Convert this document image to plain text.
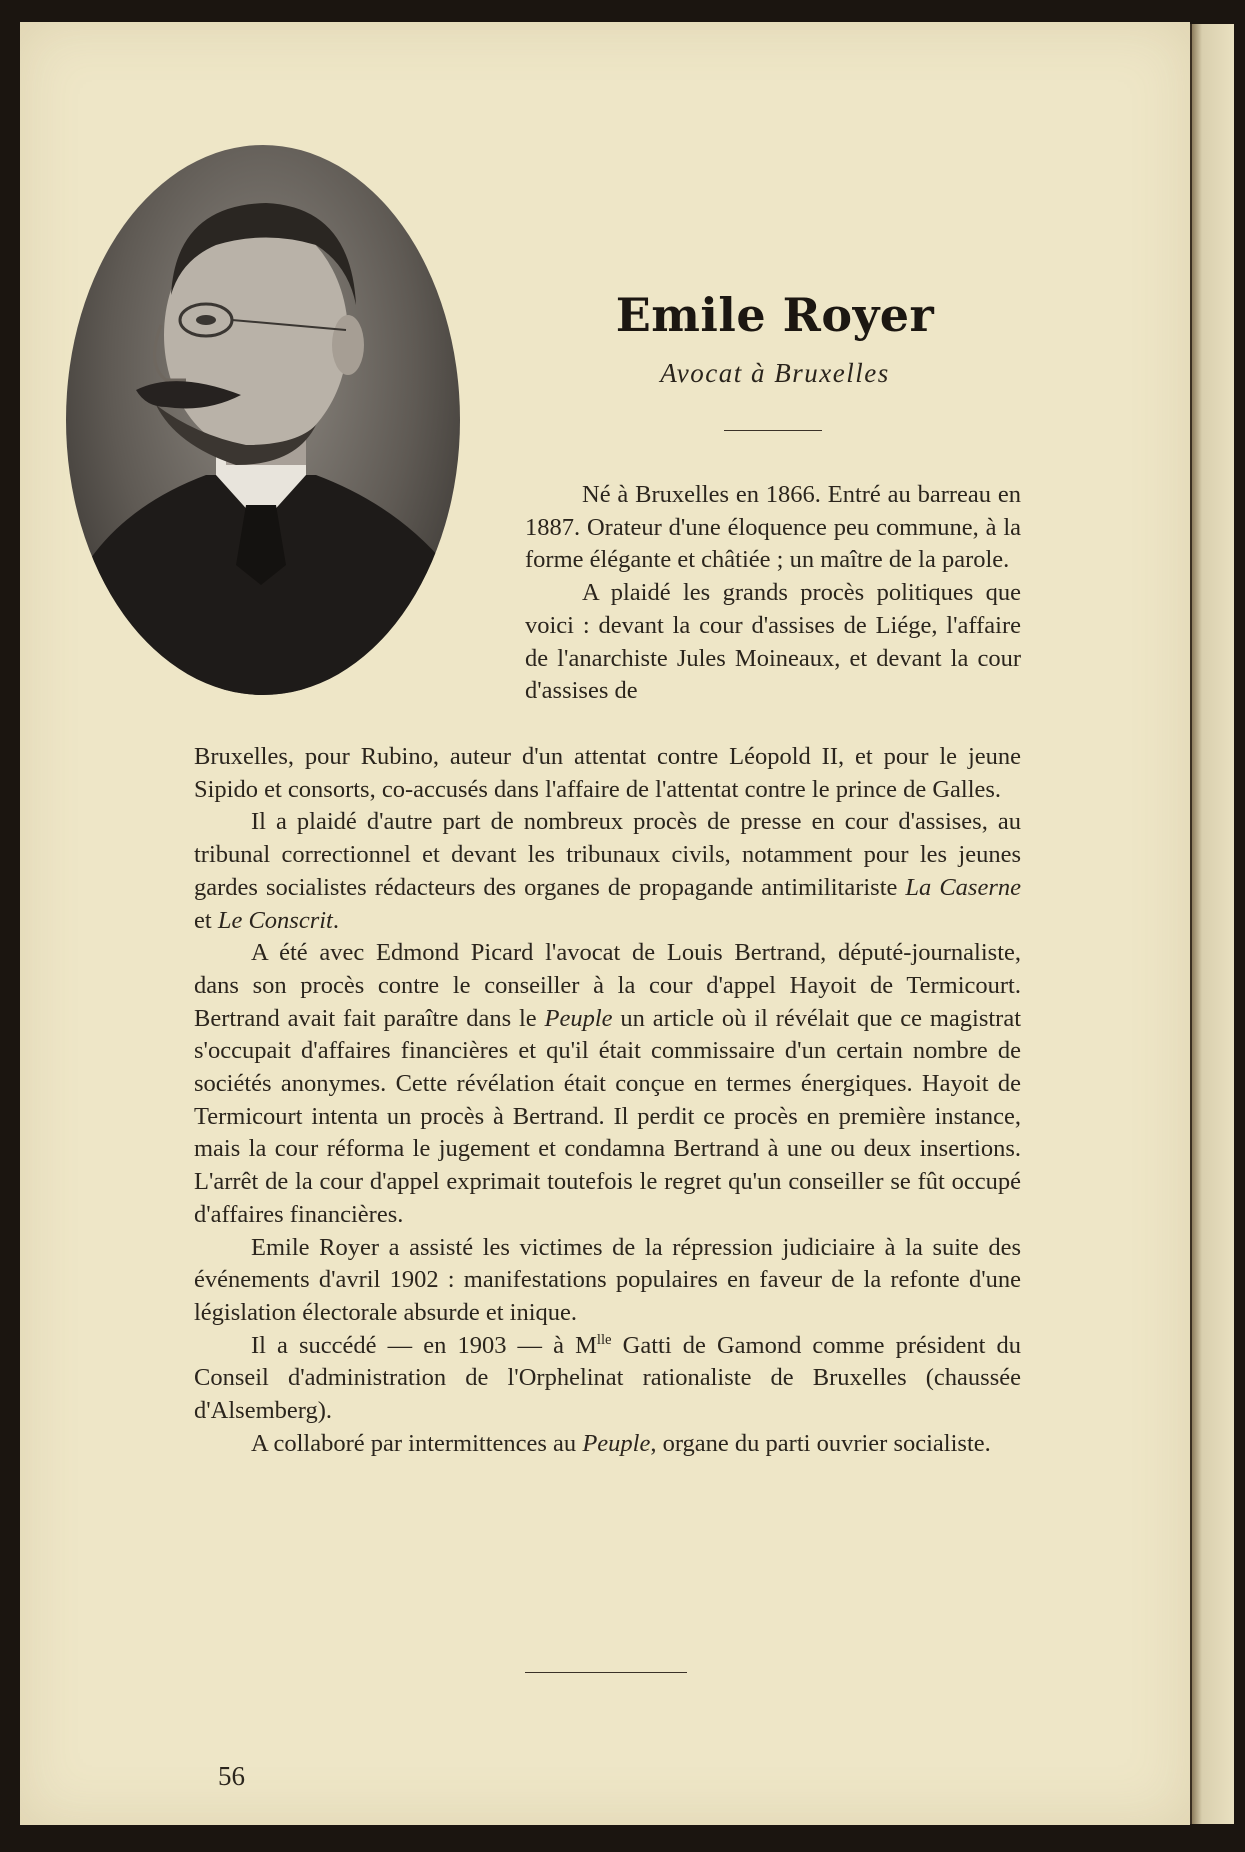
Emile Royer
Avocat à Bruxelles

Né à Bruxelles en 1866. Entré au barreau en 1887. Orateur d'une éloquence peu commune, à la forme élégante et châtiée ; un maître de la parole.

A plaidé les grands procès politiques que voici : devant la cour d'assises de Liége, l'affaire de l'anarchiste Jules Moineaux, et devant la cour d'assises de

Bruxelles, pour Rubino, auteur d'un attentat contre Léopold II, et pour le jeune Sipido et consorts, co-accusés dans l'affaire de l'attentat contre le prince de Galles.

Il a plaidé d'autre part de nombreux procès de presse en cour d'assises, au tribunal correctionnel et devant les tribunaux civils, notamment pour les jeunes gardes socialistes rédacteurs des organes de propagande antimilitariste La Caserne et Le Conscrit.

A été avec Edmond Picard l'avocat de Louis Bertrand, député-journaliste, dans son procès contre le conseiller à la cour d'appel Hayoit de Termicourt. Bertrand avait fait paraître dans le Peuple un article où il révélait que ce magistrat s'occupait d'affaires financières et qu'il était commissaire d'un certain nombre de sociétés anonymes. Cette révélation était conçue en termes énergiques. Hayoit de Termicourt intenta un procès à Bertrand. Il perdit ce procès en première instance, mais la cour réforma le jugement et condamna Bertrand à une ou deux insertions. L'arrêt de la cour d'appel exprimait toutefois le regret qu'un conseiller se fût occupé d'affaires financières.

Emile Royer a assisté les victimes de la répression judiciaire à la suite des événements d'avril 1902 : manifestations populaires en faveur de la refonte d'une législation électorale absurde et inique.

Il a succédé — en 1903 — à $M^{lle}$ Gatti de Gamond comme président du Conseil d'administration de l'Orphelinat rationaliste de Bruxelles (chaussée d'Alsemberg).

A collaboré par intermittences au Peuple, organe du parti ouvrier socialiste.

56
